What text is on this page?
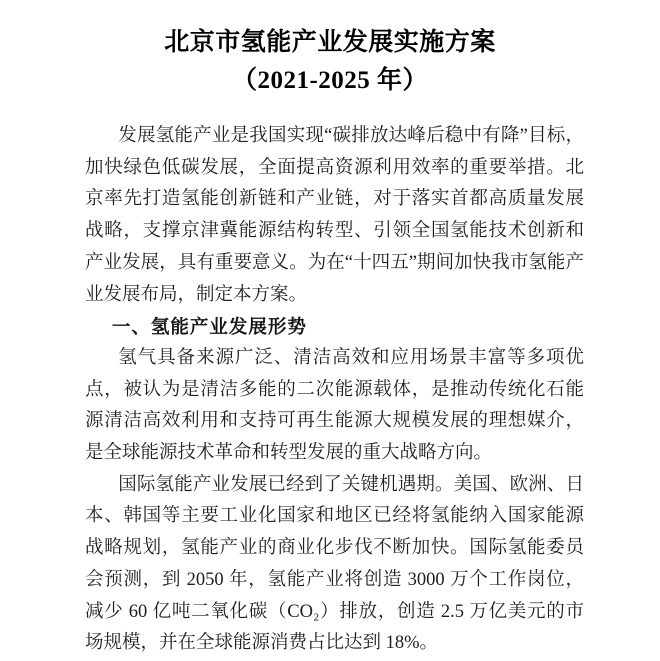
北京市氢能产业发展实施方案
（2021-2025 年）

发展氢能产业是我国实现“碳排放达峰后稳中有降”目标，加快绿色低碳发展，全面提高资源利用效率的重要举措。北京率先打造氢能创新链和产业链，对于落实首都高质量发展战略，支撑京津冀能源结构转型、引领全国氢能技术创新和产业发展，具有重要意义。为在“十四五”期间加快我市氢能产业发展布局，制定本方案。

一、氢能产业发展形势

氢气具备来源广泛、清洁高效和应用场景丰富等多项优点，被认为是清洁多能的二次能源载体，是推动传统化石能源清洁高效利用和支持可再生能源大规模发展的理想媒介，是全球能源技术革命和转型发展的重大战略方向。

国际氢能产业发展已经到了关键机遇期。美国、欧洲、日本、韩国等主要工业化国家和地区已经将氢能纳入国家能源战略规划，氢能产业的商业化步伐不断加快。国际氢能委员会预测，到 2050 年，氢能产业将创造 3000 万个工作岗位，减少 60 亿吨二氧化碳（CO₂）排放，创造 2.5 万亿美元的市场规模，并在全球能源消费占比达到 18%。
